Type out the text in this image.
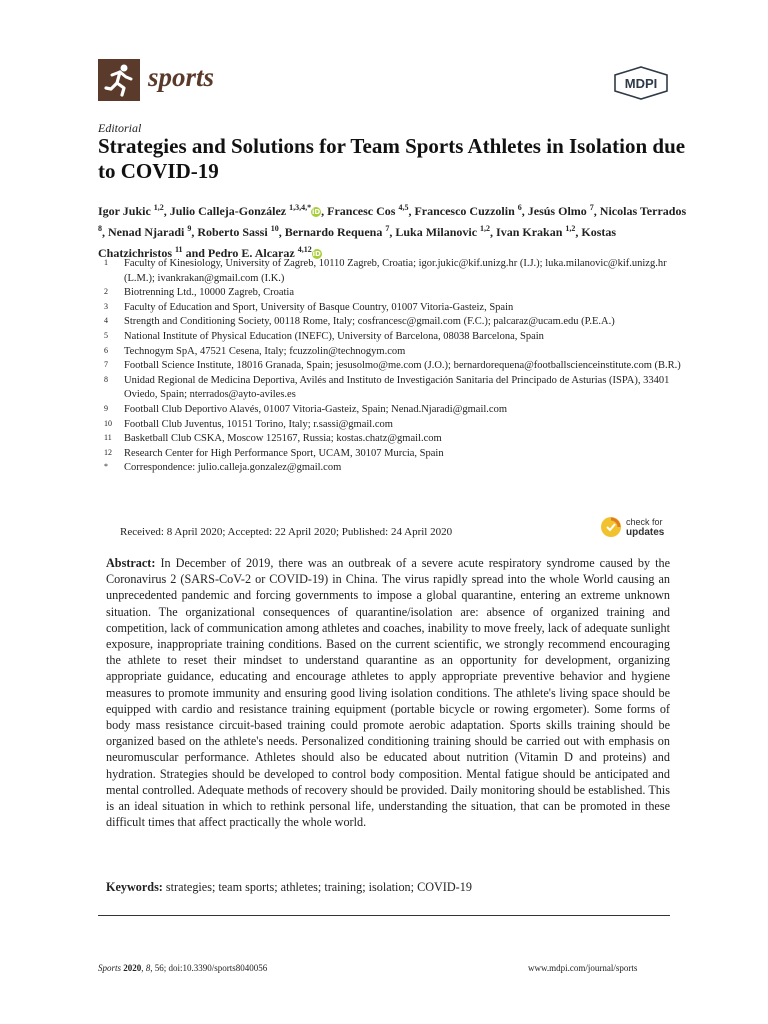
sports	MDPI
Editorial
Strategies and Solutions for Team Sports Athletes in Isolation due to COVID-19
Igor Jukic $^{1,2}$, Julio Calleja-González $^{1,3,4,*}$iD, Francesc Cos $^{4,5}$, Francesco Cuzzolin $^6$, Jesús Olmo $^7$, Nicolas Terrados $^8$, Nenad Njaradi $^9$, Roberto Sassi $^{10}$, Bernardo Requena $^7$, Luka Milanovic $^{1,2}$, Ivan Krakan $^{1,2}$, Kostas Chatzichristos $^{11}$ and Pedro E. Alcaraz $^{4,12}$iD
1	Faculty of Kinesiology, University of Zagreb, 10110 Zagreb, Croatia; igor.jukic@kif.unizg.hr (I.J.); luka.milanovic@kif.unizg.hr (L.M.); ivankrakan@gmail.com (I.K.)
2	Biotrenning Ltd., 10000 Zagreb, Croatia
3	Faculty of Education and Sport, University of Basque Country, 01007 Vitoria-Gasteiz, Spain
4	Strength and Conditioning Society, 00118 Rome, Italy; cosfrancesc@gmail.com (F.C.); palcaraz@ucam.edu (P.E.A.)
5	National Institute of Physical Education (INEFC), University of Barcelona, 08038 Barcelona, Spain
6	Technogym SpA, 47521 Cesena, Italy; fcuzzolin@technogym.com
7	Football Science Institute, 18016 Granada, Spain; jesusolmo@me.com (J.O.); bernardorequena@footballscienceinstitute.com (B.R.)
8	Unidad Regional de Medicina Deportiva, Avilés and Instituto de Investigación Sanitaria del Principado de Asturias (ISPA), 33401 Oviedo, Spain; nterrados@ayto-aviles.es
9	Football Club Deportivo Alavés, 01007 Vitoria-Gasteiz, Spain; Nenad.Njaradi@gmail.com
10	Football Club Juventus, 10151 Torino, Italy; r.sassi@gmail.com
11	Basketball Club CSKA, Moscow 125167, Russia; kostas.chatz@gmail.com
12	Research Center for High Performance Sport, UCAM, 30107 Murcia, Spain
*	Correspondence: julio.calleja.gonzalez@gmail.com
Received: 8 April 2020; Accepted: 22 April 2020; Published: 24 April 2020
check for
updates
Abstract: In December of 2019, there was an outbreak of a severe acute respiratory syndrome caused by the Coronavirus 2 (SARS-CoV-2 or COVID-19) in China. The virus rapidly spread into the whole World causing an unprecedented pandemic and forcing governments to impose a global quarantine, entering an extreme unknown situation. The organizational consequences of quarantine/isolation are: absence of organized training and competition, lack of communication among athletes and coaches, inability to move freely, lack of adequate sunlight exposure, inappropriate training conditions. Based on the current scientific, we strongly recommend encouraging the athlete to reset their mindset to understand quarantine as an opportunity for development, organizing appropriate guidance, educating and encourage athletes to apply appropriate preventive behavior and hygiene measures to promote immunity and ensuring good living isolation conditions. The athlete's living space should be equipped with cardio and resistance training equipment (portable bicycle or rowing ergometer). Some forms of body mass resistance circuit-based training could promote aerobic adaptation. Sports skills training should be organized based on the athlete's needs. Personalized conditioning training should be carried out with emphasis on neuromuscular performance. Athletes should also be educated about nutrition (Vitamin D and proteins) and hydration. Strategies should be developed to control body composition. Mental fatigue should be anticipated and mental controlled. Adequate methods of recovery should be provided. Daily monitoring should be established. This is an ideal situation in which to rethink personal life, understanding the situation, that can be promoted in these difficult times that affect practically the whole world.
Keywords: strategies; team sports; athletes; training; isolation; COVID-19
Sports 2020, 8, 56; doi:10.3390/sports8040056	www.mdpi.com/journal/sports
